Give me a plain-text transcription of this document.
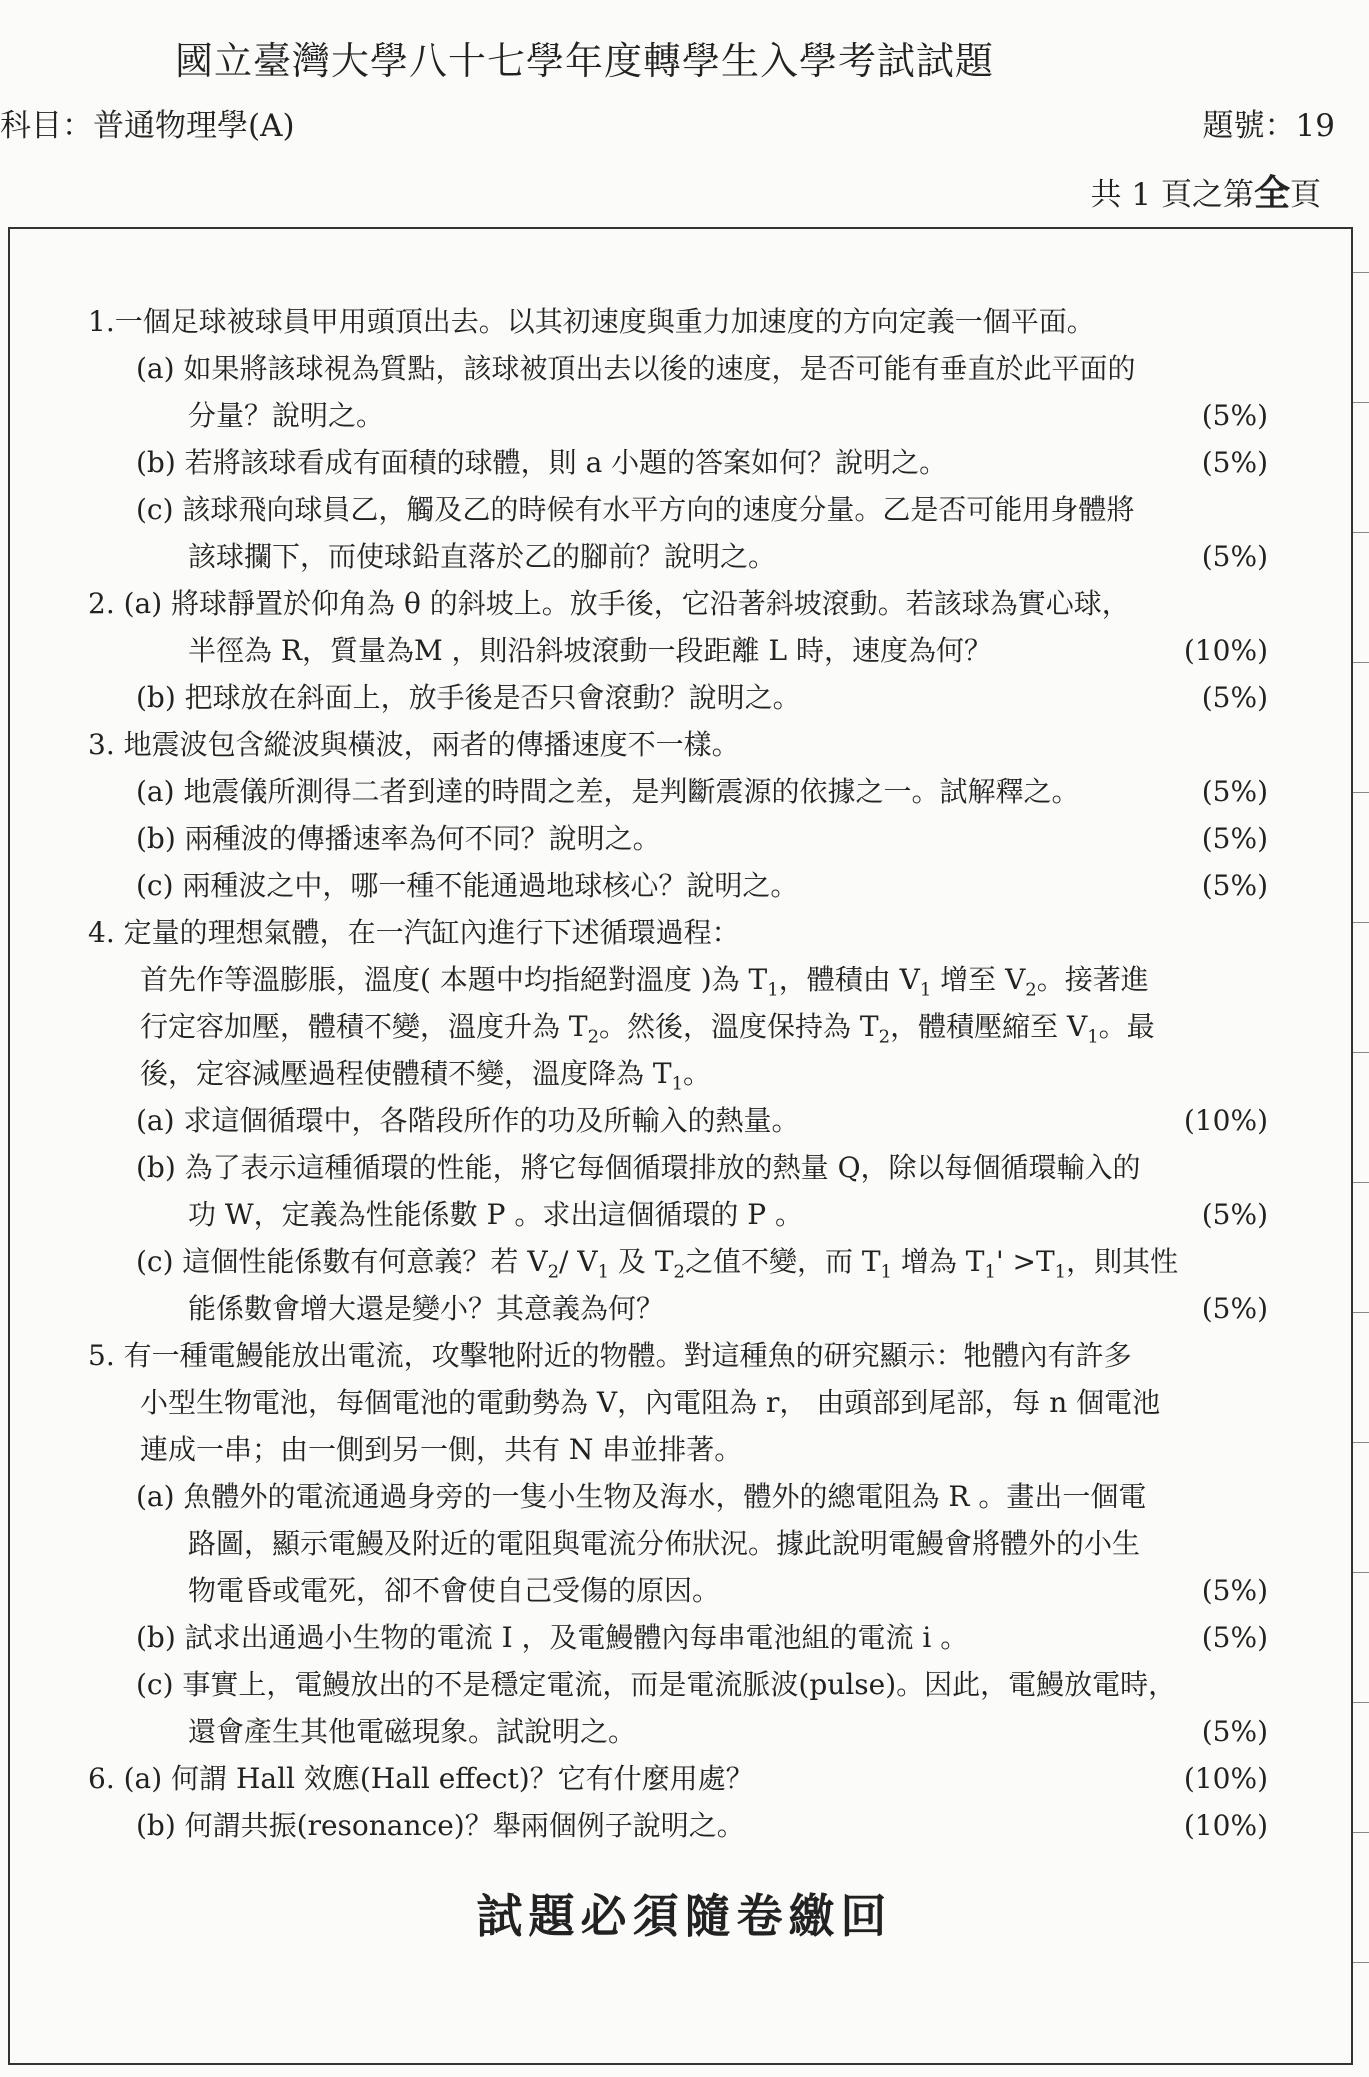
國立臺灣大學八十七學年度轉學生入學考試試題
科目：普通物理學(A)	題號：19
共 1 頁之第全頁
1.一個足球被球員甲用頭頂出去。以其初速度與重力加速度的方向定義一個平面。
(a) 如果將該球視為質點，該球被頂出去以後的速度，是否可能有垂直於此平面的
分量？說明之。	(5%)
(b) 若將該球看成有面積的球體，則 a 小題的答案如何？說明之。	(5%)
(c) 該球飛向球員乙，觸及乙的時候有水平方向的速度分量。乙是否可能用身體將
該球攔下，而使球鉛直落於乙的腳前？說明之。	(5%)
2. (a) 將球靜置於仰角為 θ 的斜坡上。放手後，它沿著斜坡滾動。若該球為實心球，
半徑為 R，質量為M ，則沿斜坡滾動一段距離 L 時，速度為何？	(10%)
(b) 把球放在斜面上，放手後是否只會滾動？說明之。	(5%)
3. 地震波包含縱波與橫波，兩者的傳播速度不一樣。
(a) 地震儀所測得二者到達的時間之差，是判斷震源的依據之一。試解釋之。	(5%)
(b) 兩種波的傳播速率為何不同？說明之。	(5%)
(c) 兩種波之中，哪一種不能通過地球核心？說明之。	(5%)
4. 定量的理想氣體，在一汽缸內進行下述循環過程：
首先作等溫膨脹，溫度( 本題中均指絕對溫度 )為 $T_1$，體積由 $V_1$ 增至 $V_2$。接著進
行定容加壓，體積不變，溫度升為 $T_2$。然後，溫度保持為 $T_2$，體積壓縮至 $V_1$。最
後，定容減壓過程使體積不變，溫度降為 $T_1$。
(a) 求這個循環中，各階段所作的功及所輸入的熱量。	(10%)
(b) 為了表示這種循環的性能，將它每個循環排放的熱量 Q，除以每個循環輸入的
功 W，定義為性能係數 P 。求出這個循環的 P 。	(5%)
(c) 這個性能係數有何意義？若 $V_2/$ $V_1$ 及 $T_2$之值不變，而 $T_1$ 增為 $T_1' >T_1$，則其性
能係數會增大還是變小？其意義為何？	(5%)
5. 有一種電鰻能放出電流，攻擊牠附近的物體。對這種魚的研究顯示：牠體內有許多
小型生物電池，每個電池的電動勢為 V，內電阻為 r， 由頭部到尾部，每 n 個電池
連成一串；由一側到另一側，共有 N 串並排著。
(a) 魚體外的電流通過身旁的一隻小生物及海水，體外的總電阻為 R 。畫出一個電
路圖，顯示電鰻及附近的電阻與電流分佈狀況。據此說明電鰻會將體外的小生
物電昏或電死，卻不會使自己受傷的原因。	(5%)
(b) 試求出通過小生物的電流 I ，及電鰻體內每串電池組的電流 i 。	(5%)
(c) 事實上，電鰻放出的不是穩定電流，而是電流脈波(pulse)。因此，電鰻放電時，
還會產生其他電磁現象。試說明之。	(5%)
6. (a) 何謂 Hall 效應(Hall effect)？它有什麼用處？	(10%)
(b) 何謂共振(resonance)？舉兩個例子說明之。	(10%)
試題必須隨卷繳回
